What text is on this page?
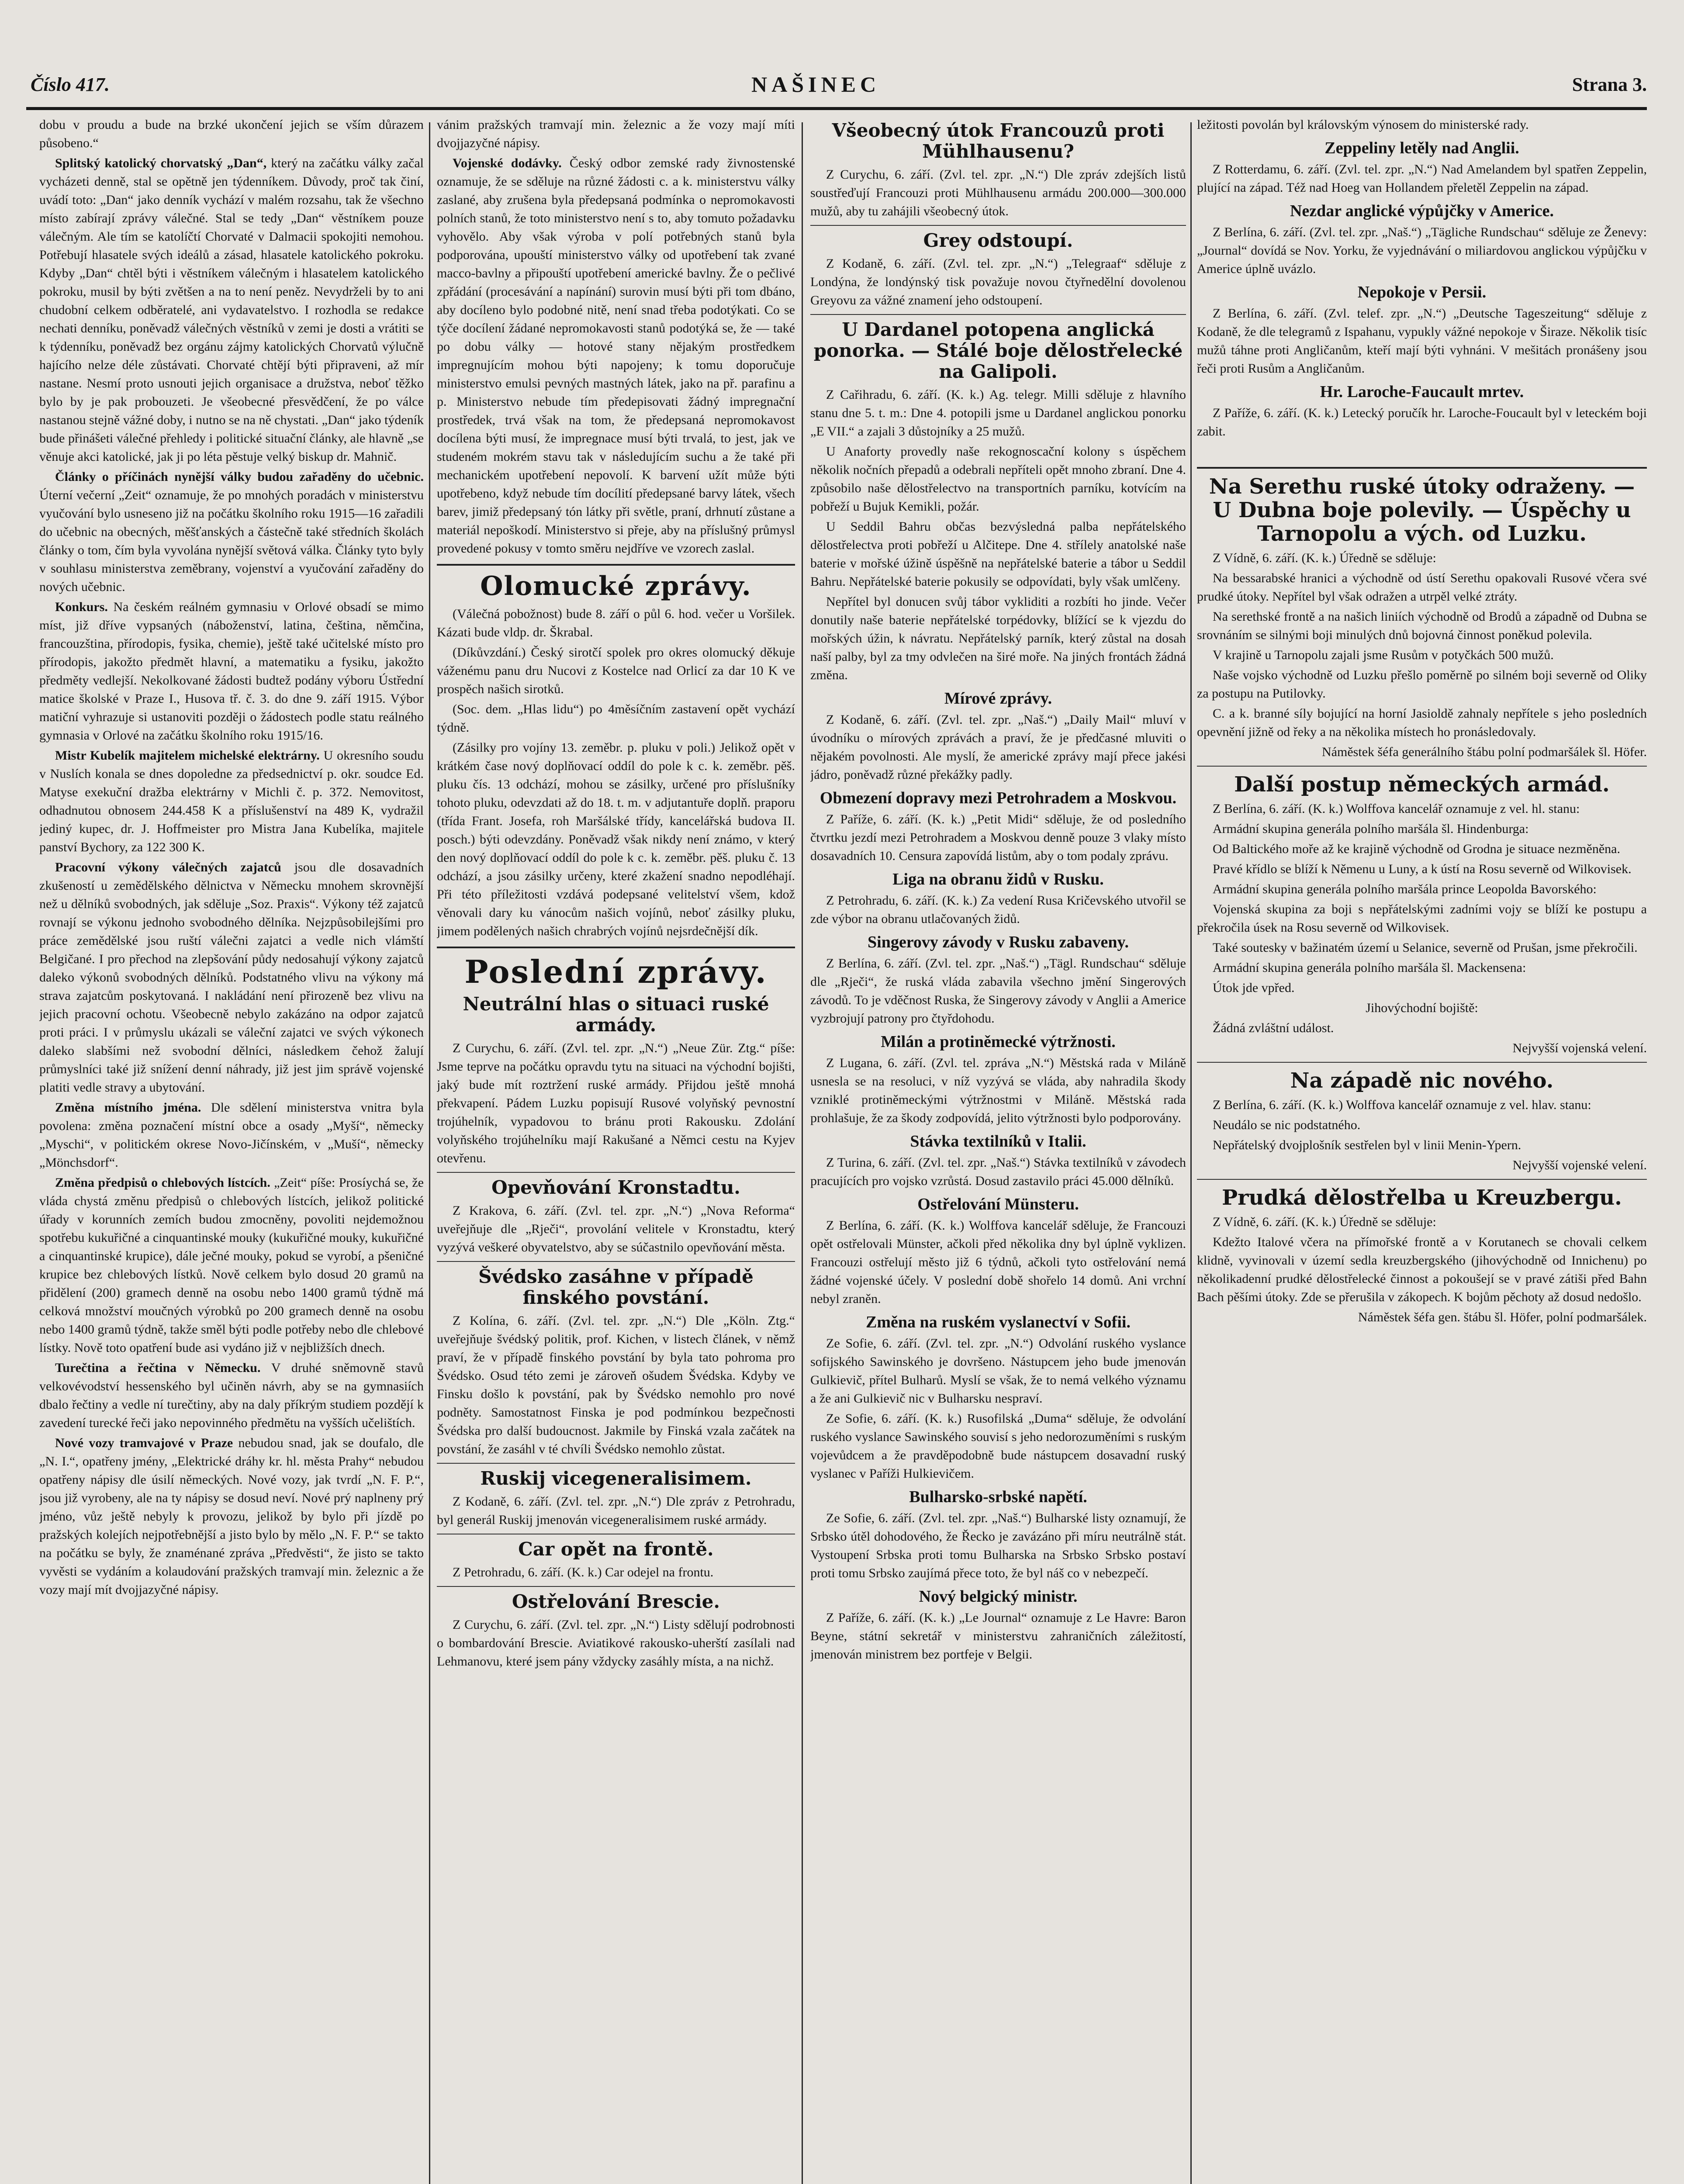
Číslo 417.	NAŠINEC	Strana 3.

dobu v proudu a bude na brzké ukončení jejich se vším důrazem působeno.“

Splitský katolický chorvatský „Dan“, který na začátku války začal vycházeti denně, stal se opětně jen týdenníkem. Důvody, proč tak činí, uvádí toto: „Dan“ jako denník vychází v malém rozsahu, tak že všechno místo zabírají zprávy válečné. Stal se tedy „Dan“ věstníkem pouze válečným. Ale tím se katolíčtí Chorvaté v Dalmacii spokojiti nemohou. Potřebují hlasatele svých ideálů a zásad, hlasatele katolického pokroku. Kdyby „Dan“ chtěl býti i věstníkem válečným i hlasatelem katolického pokroku, musil by býti zvětšen a na to není peněz. Nevydrželi by to ani chudobní celkem odběratelé, ani vydavatelstvo. I rozhodla se redakce nechati denníku, poněvadž válečných věstníků v zemi je dosti a vrátiti se k týdenníku, poněvadž bez orgánu zájmy katolických Chorvatů výlučně hajícího nelze déle zůstávati. Chorvaté chtějí býti připraveni, až mír nastane. Nesmí proto usnouti jejich organisace a družstva, neboť těžko bylo by je pak probouzeti. Je všeobecné přesvědčení, že po válce nastanou stejně vážné doby, i nutno se na ně chystati. „Dan“ jako týdeník bude přinášeti válečné přehledy i politické situační články, ale hlavně „se věnuje akci katolické, jak ji po léta pěstuje velký biskup dr. Mahnič.

Články o příčinách nynější války budou zařaděny do učebnic. Úterní večerní „Zeit“ oznamuje, že po mnohých poradách v ministerstvu vyučování bylo usneseno již na počátku školního roku 1915—16 zařadili do učebnic na obecných, měšťanských a částečně také středních školách články o tom, čím byla vyvolána nynější světová válka. Články tyto byly v souhlasu ministerstva zeměbrany, vojenství a vyučování zařaděny do nových učebnic.

Konkurs. Na českém reálném gymnasiu v Orlové obsadí se mimo míst, již dříve vypsaných (náboženství, latina, čeština, němčina, francouzština, přírodopis, fysika, chemie), ještě také učitelské místo pro přírodopis, jakožto předmět hlavní, a matematiku a fysiku, jakožto předměty vedlejší. Nekolkované žádosti budtež podány výboru Ústřední matice školské v Praze I., Husova tř. č. 3. do dne 9. září 1915. Výbor matiční vyhrazuje si ustanoviti později o žádostech podle statu reálného gymnasia v Orlové na začátku školního roku 1915/16.

Mistr Kubelík majitelem michelské elektrárny. U okresního soudu v Nuslích konala se dnes dopoledne za předsednictví p. okr. soudce Ed. Matyse exekuční dražba elektrárny v Michli č. p. 372. Nemovitost, odhadnutou obnosem 244.458 K a příslušenství na 489 K, vydražil jediný kupec, dr. J. Hoffmeister pro Mistra Jana Kubelíka, majitele panství Bychory, za 122 300 K.

Pracovní výkony válečných zajatců jsou dle dosavadních zkušeností u zemědělského dělnictva v Německu mnohem skrovnější než u dělníků svobodných, jak sděluje „Soz. Praxis“. Výkony též zajatců rovnají se výkonu jednoho svobodného dělníka. Nejzpůsobilejšími pro práce zemědělské jsou ruští válečni zajatci a vedle nich vlámští Belgičané. I pro přechod na zlepšování půdy nedosahují výkony zajatců daleko výkonů svobodných dělníků. Podstatného vlivu na výkony má strava zajatcům poskytovaná. I nakládání není přirozeně bez vlivu na jejich pracovní ochotu. Všeobecně nebylo zakázáno na odpor zajatců proti práci. I v průmyslu ukázali se váleční zajatci ve svých výkonech daleko slabšími než svobodní dělníci, následkem čehož žalují průmyslníci také již snížení denní náhrady, již jest jim správě vojenské platiti vedle stravy a ubytování.

Změna místního jména. Dle sdělení ministerstva vnitra byla povolena: změna poznačení místní obce a osady „Myší“, německy „Myschi“, v politickém okrese Novo-Jičínském, v „Muší“, německy „Mönchsdorf“.

Změna předpisů o chlebových lístcích. „Zeit“ píše: Prosíychá se, že vláda chystá změnu předpisů o chlebových lístcích, jelikož politické úřady v korunních zemích budou zmocněny, povoliti nejdemožnou spotřebu kukuřičné a cinquantinské mouky (kukuřičné mouky, kukuřičné a cinquantinské krupice), dále ječné mouky, pokud se vyrobí, a pšeničné krupice bez chlebových lístků. Nově celkem bylo dosud 20 gramů na přidělení (200) gramech denně na osobu nebo 1400 gramů týdně má celková množství moučných výrobků po 200 gramech denně na osobu nebo 1400 gramů týdně, takže směl býti podle potřeby nebo dle chlebové lístky. Nově toto opatření bude asi vydáno již v nejbližších dnech.

Turečtina a řečtina v Německu. V druhé sněmovně stavů velkovévodství hessenského byl učiněn návrh, aby se na gymnasiích dbalo řečtiny a vedle ní turečtiny, aby na daly příkrým studiem pozdějí k zavedení turecké řeči jako nepovinného předmětu na vyšších učelištích.

Nové vozy tramvajové v Praze nebudou snad, jak se doufalo, dle „N. I.“, opatřeny jmény, „Elektrické dráhy kr. hl. města Prahy“ nebudou opatřeny nápisy dle úsilí německých. Nové vozy, jak tvrdí „N. F. P.“, jsou již vyrobeny, ale na ty nápisy se dosud neví. Nové prý naplneny prý jméno, vůz ještě nebyly k provozu, jelikož by bylo při jízdě po pražských kolejích nejpotřebnější a jisto bylo by mělo „N. F. P.“ se takto na počátku se byly, že znaménané zpráva „Předvěsti“, že jisto se takto vyvěsti se vydáním a kolaudování pražských tramvají min. železnic a že vozy mají mít dvojjazyčné nápisy.

vánim pražských tramvají min. železnic a že vozy mají míti dvojjazyčné nápisy.

Vojenské dodávky. Český odbor zemské rady živnostenské oznamuje, že se sděluje na různé žádosti c. a k. ministerstvu války zaslané, aby zrušena byla předepsaná podmínka o nepromokavosti polních stanů, že toto ministerstvo není s to, aby tomuto požadavku vyhovělo. Aby však výroba v polí potřebných stanů byla podporována, upouští ministerstvo války od upotřebení tak zvané macco-bavlny a připouští upotřebení americké bavlny. Že o pečlivé zpřádání (procesávání a napínání) surovin musí býti při tom dbáno, aby docíleno bylo podobné nitě, není snad třeba podotýkati. Co se týče docílení žádané nepromokavosti stanů podotýká se, že — také po dobu války — hotové stany nějakým prostředkem impregnujícím mohou býti napojeny; k tomu doporučuje ministerstvo emulsi pevných mastných látek, jako na př. parafinu a p. Ministerstvo nebude tím předepisovati žádný impregnační prostředek, trvá však na tom, že předepsaná nepromokavost docílena býti musí, že impregnace musí býti trvalá, to jest, jak ve studeném mokrém stavu tak v následujícím suchu a že také při mechanickém upotřebení nepovolí. K barvení užít může býti upotřebeno, když nebude tím docílití předepsané barvy látek, všech barev, jimiž předepsaný tón látky při světle, praní, drhnutí zůstane a materiál nepoškodí. Ministerstvo si přeje, aby na příslušný průmysl provedené pokusy v tomto směru nejdříve ve vzorech zaslal.

Olomucké zprávy.

(Válečná pobožnost) bude 8. září o půl 6. hod. večer u Voršilek. Kázati bude vldp. dr. Škrabal.

(Díkůvzdání.) Český sirotčí spolek pro okres olomucký děkuje váženému panu dru Nucovi z Kostelce nad Orlicí za dar 10 K ve prospěch našich sirotků.

(Soc. dem. „Hlas lidu“) po 4měsíčním zastavení opět vychází týdně.

(Zásilky pro vojíny 13. zeměbr. p. pluku v poli.) Jelikož opět v krátkém čase nový doplňovací oddíl do pole k c. k. zeměbr. pěš. pluku čís. 13 odchází, mohou se zásilky, určené pro příslušníky tohoto pluku, odevzdati až do 18. t. m. v adjutantuře doplň. praporu (třída Frant. Josefa, roh Maršálské třídy, kancelářská budova II. posch.) býti odevzdány. Poněvadž však nikdy není známo, v který den nový doplňovací oddíl do pole k c. k. zeměbr. pěš. pluku č. 13 odchází, a jsou zásilky určeny, které zkažení snadno nepodléhají. Při této příležitosti vzdává podepsané velitelství všem, kdož věnovali dary ku vánocům našich vojínů, neboť zásilky pluku, jimem podělených našich chrabrých vojínů nejsrdečnější dík.

Poslední zprávy.
Neutrální hlas o situaci ruské armády.

Z Curychu, 6. září. (Zvl. tel. zpr. „N.“) „Neue Zür. Ztg.“ píše: Jsme teprve na počátku opravdu tytu na situaci na východní bojišti, jaký bude mít roztržení ruské armády. Přijdou ještě mnohá překvapení. Pádem Luzku popisují Rusové volyňský pevnostní trojúhelník, vypadovou to bránu proti Rakousku. Zdolání volyňského trojúhelníku mají Rakušané a Němci cestu na Kyjev otevřenu.

Opevňování Kronstadtu.

Z Krakova, 6. září. (Zvl. tel. zpr. „N.“) „Nova Reforma“ uveřejňuje dle „Rječi“, provolání velitele v Kronstadtu, který vyzývá veškeré obyvatelstvo, aby se súčastnilo opevňování města.

Švédsko zasáhne v případě finského povstání.

Z Kolína, 6. září. (Zvl. tel. zpr. „N.“) Dle „Köln. Ztg.“ uveřejňuje švédský politik, prof. Kichen, v listech článek, v němž praví, že v případě finského povstání by byla tato pohroma pro Švédsko. Osud této zemi je zároveň ošudem Švédska. Kdyby ve Finsku došlo k povstání, pak by Švédsko nemohlo pro nové podněty. Samostatnost Finska je pod podmínkou bezpečnosti Švédska pro další budoucnost. Jakmile by Finská vzala začátek na povstání, že zasáhl v té chvíli Švédsko nemohlo zůstat.

Ruskij vicegeneralisimem.

Z Kodaně, 6. září. (Zvl. tel. zpr. „N.“) Dle zpráv z Petrohradu, byl generál Ruskij jmenován vicegeneralisimem ruské armády.

Car opět na frontě.

Z Petrohradu, 6. září. (K. k.) Car odejel na frontu.

Ostřelování Brescie.

Z Curychu, 6. září. (Zvl. tel. zpr. „N.“) Listy sdělují podrobnosti o bombardování Brescie. Aviatikové rakousko-uherští zasílali nad Lehmanovu, které jsem pány vždycky zasáhly místa, a na nichž.

Všeobecný útok Francouzů proti Mühlhausenu?

Z Curychu, 6. září. (Zvl. tel. zpr. „N.“) Dle zpráv zdejších listů soustřeďují Francouzi proti Mühlhausenu armádu 200.000—300.000 mužů, aby tu zahájili všeobecný útok.

Grey odstoupí.

Z Kodaně, 6. září. (Zvl. tel. zpr. „N.“) „Telegraaf“ sděluje z Londýna, že londýnský tisk považuje novou čtyřnedělní dovolenou Greyovu za vážné znamení jeho odstoupení.

U Dardanel potopena anglická ponorka. — Stálé boje dělostřelecké na Galipoli.

Z Cařihradu, 6. září. (K. k.) Ag. telegr. Milli sděluje z hlavního stanu dne 5. t. m.: Dne 4. potopili jsme u Dardanel anglickou ponorku „E VII.“ a zajali 3 důstojníky a 25 mužů.

U Anaforty provedly naše rekognoscační kolony s úspěchem několik nočních přepadů a odebrali nepříteli opět mnoho zbraní. Dne 4. způsobilo naše dělostřelectvo na transportních parníku, kotvícím na pobřeží u Bujuk Kemikli, požár.

U Seddil Bahru občas bezvýsledná palba nepřátelského dělostřelectva proti pobřeží u Alčitepe. Dne 4. střílely anatolské naše baterie v mořské úžině úspěšně na nepřátelské baterie a tábor u Seddil Bahru. Nepřátelské baterie pokusily se odpovídati, byly však umlčeny.

Nepřítel byl donucen svůj tábor vykliditi a rozbíti ho jinde. Večer donutily naše baterie nepřátelské torpédovky, blížící se k vjezdu do mořských úžin, k návratu. Nepřátelský parník, který zůstal na dosah naší palby, byl za tmy odvlečen na širé moře. Na jiných frontách žádná změna.

Mírové zprávy.

Z Kodaně, 6. září. (Zvl. tel. zpr. „Naš.“) „Daily Mail“ mluví v úvodníku o mírových zprávách a praví, že je předčasné mluviti o nějakém povolnosti. Ale myslí, že americké zprávy mají přece jakési jádro, poněvadž různé překážky padly.

Obmezení dopravy mezi Petrohradem a Moskvou.

Z Paříže, 6. září. (K. k.) „Petit Midi“ sděluje, že od posledního čtvrtku jezdí mezi Petrohradem a Moskvou denně pouze 3 vlaky místo dosavadních 10. Censura zapovídá listům, aby o tom podaly zprávu.

Liga na obranu židů v Rusku.

Z Petrohradu, 6. září. (K. k.) Za vedení Rusa Kričevského utvořil se zde výbor na obranu utlačovaných židů.

Singerovy závody v Rusku zabaveny.

Z Berlína, 6. září. (Zvl. tel. zpr. „Naš.“) „Tägl. Rundschau“ sděluje dle „Rječi“, že ruská vláda zabavila všechno jmění Singerových závodů. To je vděčnost Ruska, že Singerovy závody v Anglii a Americe vyzbrojují patrony pro čtyřdohodu.

Milán a protiněmecké výtržnosti.

Z Lugana, 6. září. (Zvl. tel. zpráva „N.“) Městská rada v Miláně usnesla se na resoluci, v níž vyzývá se vláda, aby nahradila škody vzniklé protiněmeckými výtržnostmi v Miláně. Městská rada prohlašuje, že za škody zodpovídá, jelito výtržnosti bylo podporovány.

Stávka textilníků v Italii.

Z Turina, 6. září. (Zvl. tel. zpr. „Naš.“) Stávka textilníků v závodech pracujících pro vojsko vzrůstá. Dosud zastavilo práci 45.000 dělníků.

Ostřelování Münsteru.

Z Berlína, 6. září. (K. k.) Wolffova kancelář sděluje, že Francouzi opět ostřelovali Münster, ačkoli před několika dny byl úplně vyklizen. Francouzi ostřelují město již 6 týdnů, ačkoli tyto ostřelování nemá žádné vojenské účely. V poslední době shořelo 14 domů. Ani vrchní nebyl zraněn.

Změna na ruském vyslanectví v Sofii.

Ze Sofie, 6. září. (Zvl. tel. zpr. „N.“) Odvolání ruského vyslance sofijského Sawinského je dovršeno. Nástupcem jeho bude jmenován Gulkievič, přítel Bulharů. Myslí se však, že to nemá velkého významu a že ani Gulkievič nic v Bulharsku nespraví.

Ze Sofie, 6. září. (K. k.) Rusofilská „Duma“ sděluje, že odvolání ruského vyslance Sawinského souvisí s jeho nedorozuměními s ruským vojevůdcem a že pravděpodobně bude nástupcem dosavadní ruský vyslanec v Paříži Hulkievičem.

Bulharsko-srbské napětí.

Ze Sofie, 6. září. (Zvl. tel. zpr. „Naš.“) Bulharské listy oznamují, že Srbsko útěl dohodového, že Řecko je zavázáno při míru neutrálně stát. Vystoupení Srbska proti tomu Bulharska na Srbsko Srbsko postaví proti tomu Srbsko zaujímá přece toto, že byl náš co v nebezpečí.

Nový belgický ministr.

Z Paříže, 6. září. (K. k.) „Le Journal“ oznamuje z Le Havre: Baron Beyne, státní sekretář v ministerstvu zahraničních záležitostí, jmenován ministrem bez portfeje v Belgii.

ležitosti povolán byl královským výnosem do ministerské rady.

Zeppeliny letěly nad Anglii.

Z Rotterdamu, 6. září. (Zvl. tel. zpr. „N.“) Nad Amelandem byl spatřen Zeppelin, plující na západ. Též nad Hoeg van Hollandem přeletěl Zeppelin na západ.

Nezdar anglické výpůjčky v Americe.

Z Berlína, 6. září. (Zvl. tel. zpr. „Naš.“) „Tägliche Rundschau“ sděluje ze Ženevy: „Journal“ dovídá se Nov. Yorku, že vyjednávání o miliardovou anglickou výpůjčku v Americe úplně uvázlo.

Nepokoje v Persii.

Z Berlína, 6. září. (Zvl. telef. zpr. „N.“) „Deutsche Tageszeitung“ sděluje z Kodaně, že dle telegramů z Ispahanu, vypukly vážné nepokoje v Širaze. Několik tisíc mužů táhne proti Angličanům, kteří mají býti vyhnáni. V mešitách pronášeny jsou řeči proti Rusům a Angličanům.

Hr. Laroche-Faucault mrtev.

Z Paříže, 6. září. (K. k.) Letecký poručík hr. Laroche-Foucault byl v leteckém boji zabit.

Na Serethu ruské útoky odraženy. — U Dubna boje polevily. — Úspěchy u Tarnopolu a vých. od Luzku.

Z Vídně, 6. září. (K. k.) Úředně se sděluje:

Na bessarabské hranici a východně od ústí Serethu opakovali Rusové včera své prudké útoky. Nepřítel byl však odražen a utrpěl velké ztráty.

Na serethské frontě a na našich liniích východně od Brodů a západně od Dubna se srovnáním se silnými boji minulých dnů bojovná činnost poněkud polevila.

V krajině u Tarnopolu zajali jsme Rusům v potyčkách 500 mužů.

Naše vojsko východně od Luzku přešlo poměrně po silném boji severně od Oliky za postupu na Putilovky.

C. a k. branné síly bojující na horní Jasioldě zahnaly nepřítele s jeho posledních opevnění jižně od řeky a na několika místech ho pronásledovaly.

Náměstek šéfa generálního štábu polní podmaršálek šl. Höfer.
Další postup německých armád.

Z Berlína, 6. září. (K. k.) Wolffova kancelář oznamuje z vel. hl. stanu:

Armádní skupina generála polního maršála šl. Hindenburga:

Od Baltického moře až ke krajině východně od Grodna je situace nezměněna.

Pravé křídlo se blíží k Němenu u Luny, a k ústí na Rosu severně od Wilkovisek.

Armádní skupina generála polního maršála prince Leopolda Bavorského:

Vojenská skupina za boji s nepřátelskými zadními vojy se blíží ke postupu a překročila úsek na Rosu severně od Wilkovisek.

Také souteskу v bažinatém území u Selanice, severně od Prušan, jsme překročili.

Armádní skupina generála polního maršála šl. Mackensena:

Útok jde vpřed.

Jihovýchodní bojiště:

Žádná zvláštní událost.

Nejvyšší vojenská velení.
Na západě nic nového.

Z Berlína, 6. září. (K. k.) Wolffova kancelář oznamuje z vel. hlav. stanu:

Neudálo se nic podstatného.

Nepřátelský dvojplošník sestřelen byl v linii Menin-Ypern.

Nejvyšší vojenské velení.
Prudká dělostřelba u Kreuzbergu.

Z Vídně, 6. září. (K. k.) Úředně se sděluje:

Kdežto Italové včera na přímořské frontě a v Korutanech se chovali celkem klidně, vyvinovali v území sedla kreuzbergského (jihovýchodně od Innichenu) po několikadenní prudké dělostřelecké činnost a pokoušejí se v pravé zátiši před Bahn Bach pěšími útoky. Zde se přerušila v zákopech. K bojům pěchoty až dosud nedošlo.

Náměstek šéfa gen. štábu šl. Höfer, polní podmaršálek.
